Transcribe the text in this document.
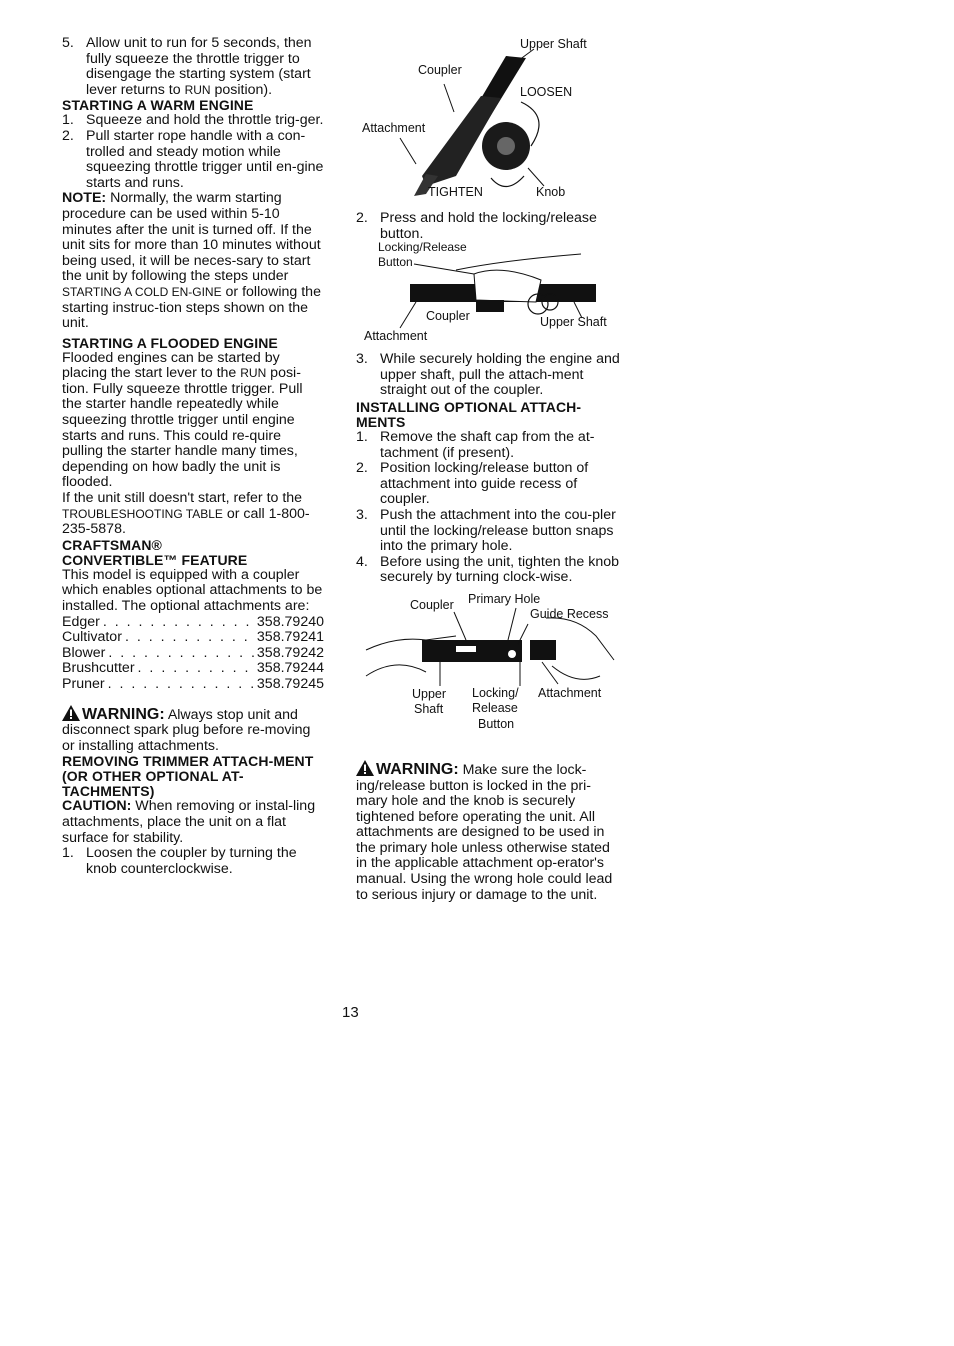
5. Allow unit to run for 5 seconds, then fully squeeze the throttle trigger to disengage the starting system (start lever returns to RUN position).

STARTING A WARM ENGINE

1. Squeeze and hold the throttle trig-ger.
2. Pull starter rope handle with a con-trolled and steady motion while squeezing throttle trigger until en-gine starts and runs.

NOTE: Normally, the warm starting procedure can be used within 5-10 minutes after the unit is turned off. If the unit sits for more than 10 minutes without being used, it will be neces-sary to start the unit by following the steps under STARTING A COLD EN-GINE or following the starting instruc-tion steps shown on the unit.

STARTING A FLOODED ENGINE

Flooded engines can be started by placing the start lever to the RUN posi-tion. Fully squeeze throttle trigger. Pull the starter handle repeatedly while squeezing throttle trigger until engine starts and runs. This could re-quire pulling the starter handle many times, depending on how badly the unit is flooded.

If the unit still doesn't start, refer to the TROUBLESHOOTING TABLE or call 1-800-235-5878.

CRAFTSMAN®
CONVERTIBLE™ FEATURE

This model is equipped with a coupler which enables optional attachments to be installed. The optional attachments are:

Edger . . .	358.79240
Cultivator . . .	358.79241
Blower . . .	358.79242
Brushcutter . . .	358.79244
Pruner . . .	358.79245

WARNING: Always stop unit and disconnect spark plug before re-moving or installing attachments.

REMOVING TRIMMER ATTACH-MENT (OR OTHER OPTIONAL AT-TACHMENTS)

CAUTION: When removing or instal-ling attachments, place the unit on a flat surface for stability.

1. Loosen the coupler by turning the knob counterclockwise.
Upper Shaft
Coupler
LOOSEN
Attachment
TIGHTEN	Knob
2. Press and hold the locking/release button.
Locking/Release
Button
Coupler	Upper Shaft
Attachment
3. While securely holding the engine and upper shaft, pull the attach-ment straight out of the coupler.

INSTALLING OPTIONAL ATTACH-MENTS

1. Remove the shaft cap from the at-tachment (if present).
2. Position locking/release button of attachment into guide recess of coupler.
3. Push the attachment into the cou-pler until the locking/release button snaps into the primary hole.
4. Before using the unit, tighten the knob securely by turning clock-wise.
Coupler Primary Hole
Guide Recess
Upper
Shaft
Locking/
Release
Button
Attachment

WARNING: Make sure the lock-ing/release button is locked in the pri-mary hole and the knob is securely tightened before operating the unit. All attachments are designed to be used in the primary hole unless otherwise stated in the applicable attachment op-erator's manual. Using the wrong hole could lead to serious injury or damage to the unit.

13
